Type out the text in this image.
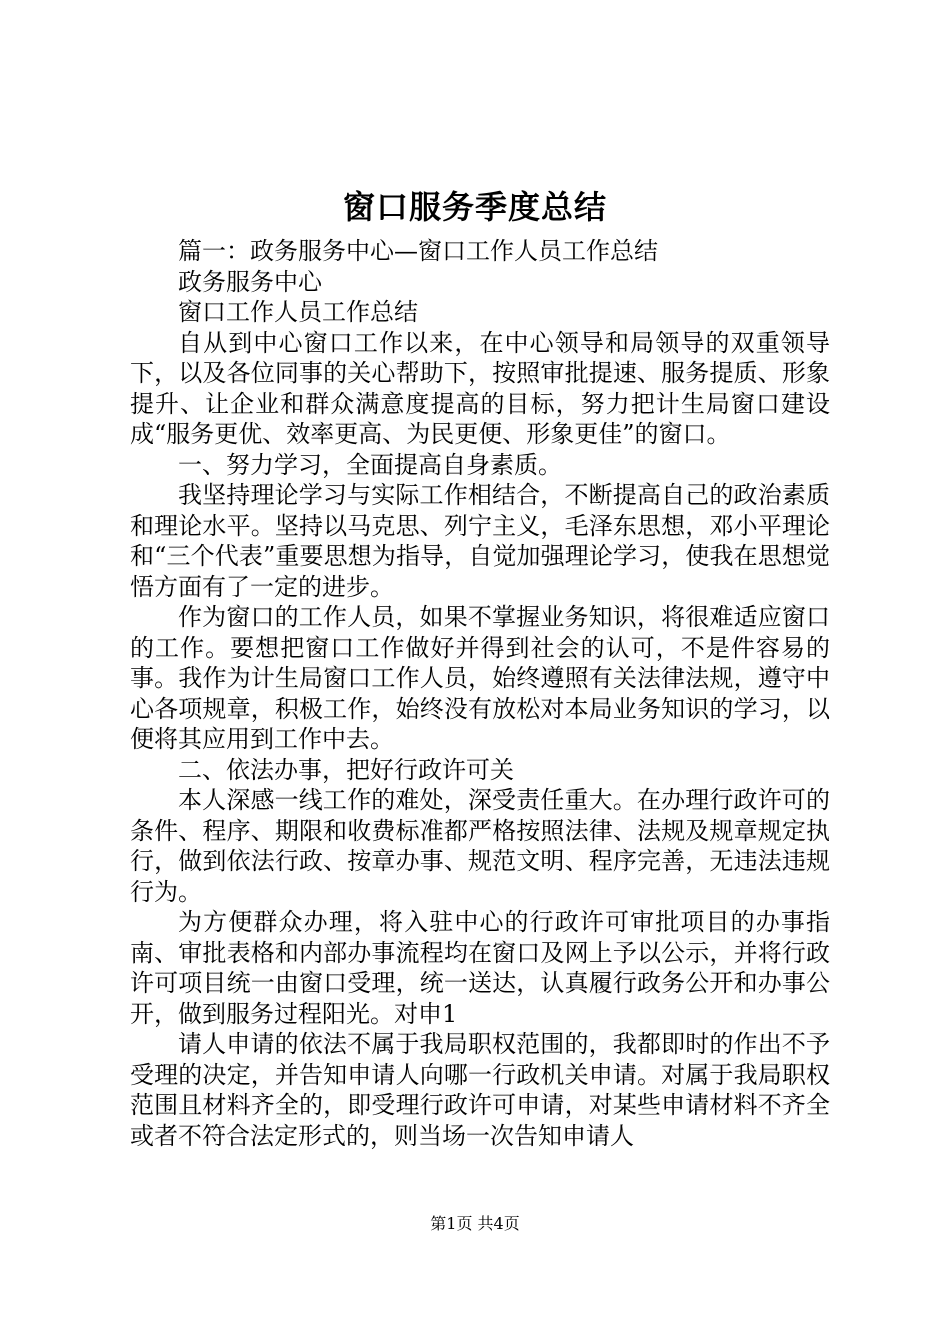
窗口服务季度总结

篇一：政务服务中心—窗口工作人员工作总结

政务服务中心

窗口工作人员工作总结

自从到中心窗口工作以来，在中心领导和局领导的双重领导下，以及各位同事的关心帮助下，按照审批提速、服务提质、形象提升、让企业和群众满意度提高的目标，努力把计生局窗口建设成“服务更优、效率更高、为民更便、形象更佳”的窗口。

一、努力学习，全面提高自身素质。

我坚持理论学习与实际工作相结合，不断提高自己的政治素质和理论水平。坚持以马克思、列宁主义，毛泽东思想，邓小平理论和“三个代表”重要思想为指导，自觉加强理论学习，使我在思想觉悟方面有了一定的进步。

作为窗口的工作人员，如果不掌握业务知识，将很难适应窗口的工作。要想把窗口工作做好并得到社会的认可，不是件容易的事。我作为计生局窗口工作人员，始终遵照有关法律法规，遵守中心各项规章，积极工作，始终没有放松对本局业务知识的学习，以便将其应用到工作中去。

二、依法办事，把好行政许可关

本人深感一线工作的难处，深受责任重大。在办理行政许可的条件、程序、期限和收费标准都严格按照法律、法规及规章规定执行，做到依法行政、按章办事、规范文明、程序完善，无违法违规行为。

为方便群众办理，将入驻中心的行政许可审批项目的办事指南、审批表格和内部办事流程均在窗口及网上予以公示，并将行政许可项目统一由窗口受理，统一送达，认真履行政务公开和办事公开，做到服务过程阳光。对申1

请人申请的依法不属于我局职权范围的，我都即时的作出不予受理的决定，并告知申请人向哪一行政机关申请。对属于我局职权范围且材料齐全的，即受理行政许可申请，对某些申请材料不齐全或者不符合法定形式的，则当场一次告知申请人

第1页 共4页
